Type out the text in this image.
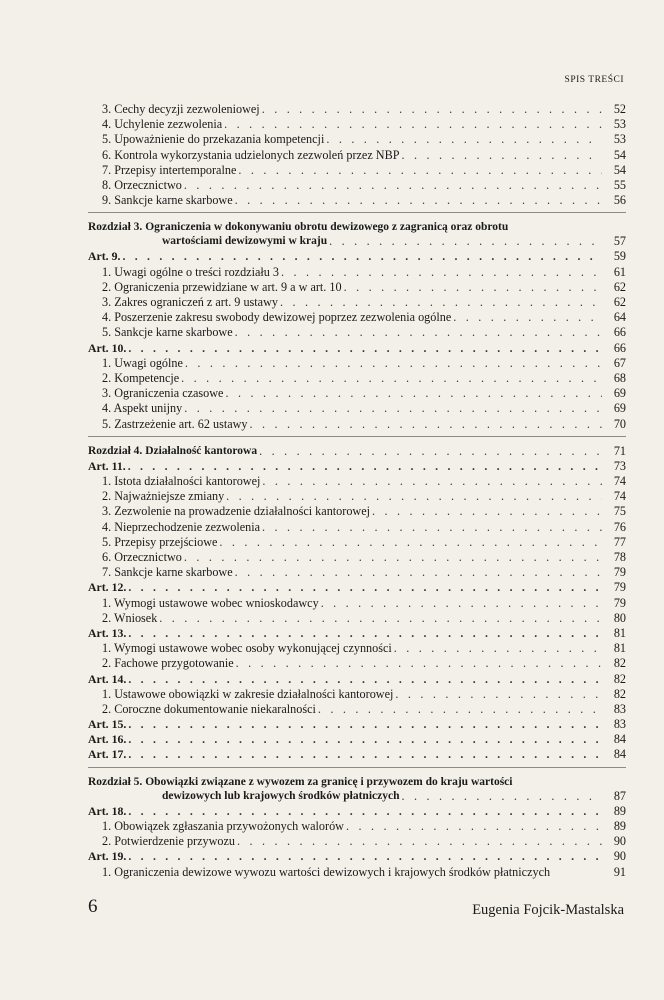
SPIS TREŚCI
3. Cechy decyzji zezwoleniowej . . .	52
4. Uchylenie zezwolenia . . .	53
5. Upoważnienie do przekazania kompetencji . . .	53
6. Kontrola wykorzystania udzielonych zezwoleń przez NBP . . .	54
7. Przepisy intertemporalne . . .	54
8. Orzecznictwo . . .	55
9. Sankcje karne skarbowe . . .	56
Rozdział 3. Ograniczenia w dokonywaniu obrotu dewizowego z zagranicą oraz obrotu
wartościami dewizowymi w kraju . . .	57
Art. 9. . . .	59
1. Uwagi ogólne o treści rozdziału 3 . . .	61
2. Ograniczenia przewidziane w art. 9 a w art. 10 . . .	62
3. Zakres ograniczeń z art. 9 ustawy . . .	62
4. Poszerzenie zakresu swobody dewizowej poprzez zezwolenia ogólne . . .	64
5. Sankcje karne skarbowe . . .	66
Art. 10. . . .	66
1. Uwagi ogólne . . .	67
2. Kompetencje . . .	68
3. Ograniczenia czasowe . . .	69
4. Aspekt unijny . . .	69
5. Zastrzeżenie art. 62 ustawy . . .	70
Rozdział 4. Działalność kantorowa . . .	71
Art. 11. . . .	73
1. Istota działalności kantorowej . . .	74
2. Najważniejsze zmiany . . .	74
3. Zezwolenie na prowadzenie działalności kantorowej . . .	75
4. Nieprzechodzenie zezwolenia . . .	76
5. Przepisy przejściowe . . .	77
6. Orzecznictwo . . .	78
7. Sankcje karne skarbowe . . .	79
Art. 12. . . .	79
1. Wymogi ustawowe wobec wnioskodawcy . . .	79
2. Wniosek . . .	80
Art. 13. . . .	81
1. Wymogi ustawowe wobec osoby wykonującej czynności . . .	81
2. Fachowe przygotowanie . . .	82
Art. 14. . . .	82
1. Ustawowe obowiązki w zakresie działalności kantorowej . . .	82
2. Coroczne dokumentowanie niekaralności . . .	83
Art. 15. . . .	83
Art. 16. . . .	84
Art. 17. . . .	84
Rozdział 5. Obowiązki związane z wywozem za granicę i przywozem do kraju wartości
dewizowych lub krajowych środków płatniczych . . .	87
Art. 18. . . .	89
1. Obowiązek zgłaszania przywożonych walorów . . .	89
2. Potwierdzenie przywozu . . .	90
Art. 19. . . .	90
1. Ograniczenia dewizowe wywozu wartości dewizowych i krajowych środków płatniczych	91
6	Eugenia Fojcik-Mastalska
